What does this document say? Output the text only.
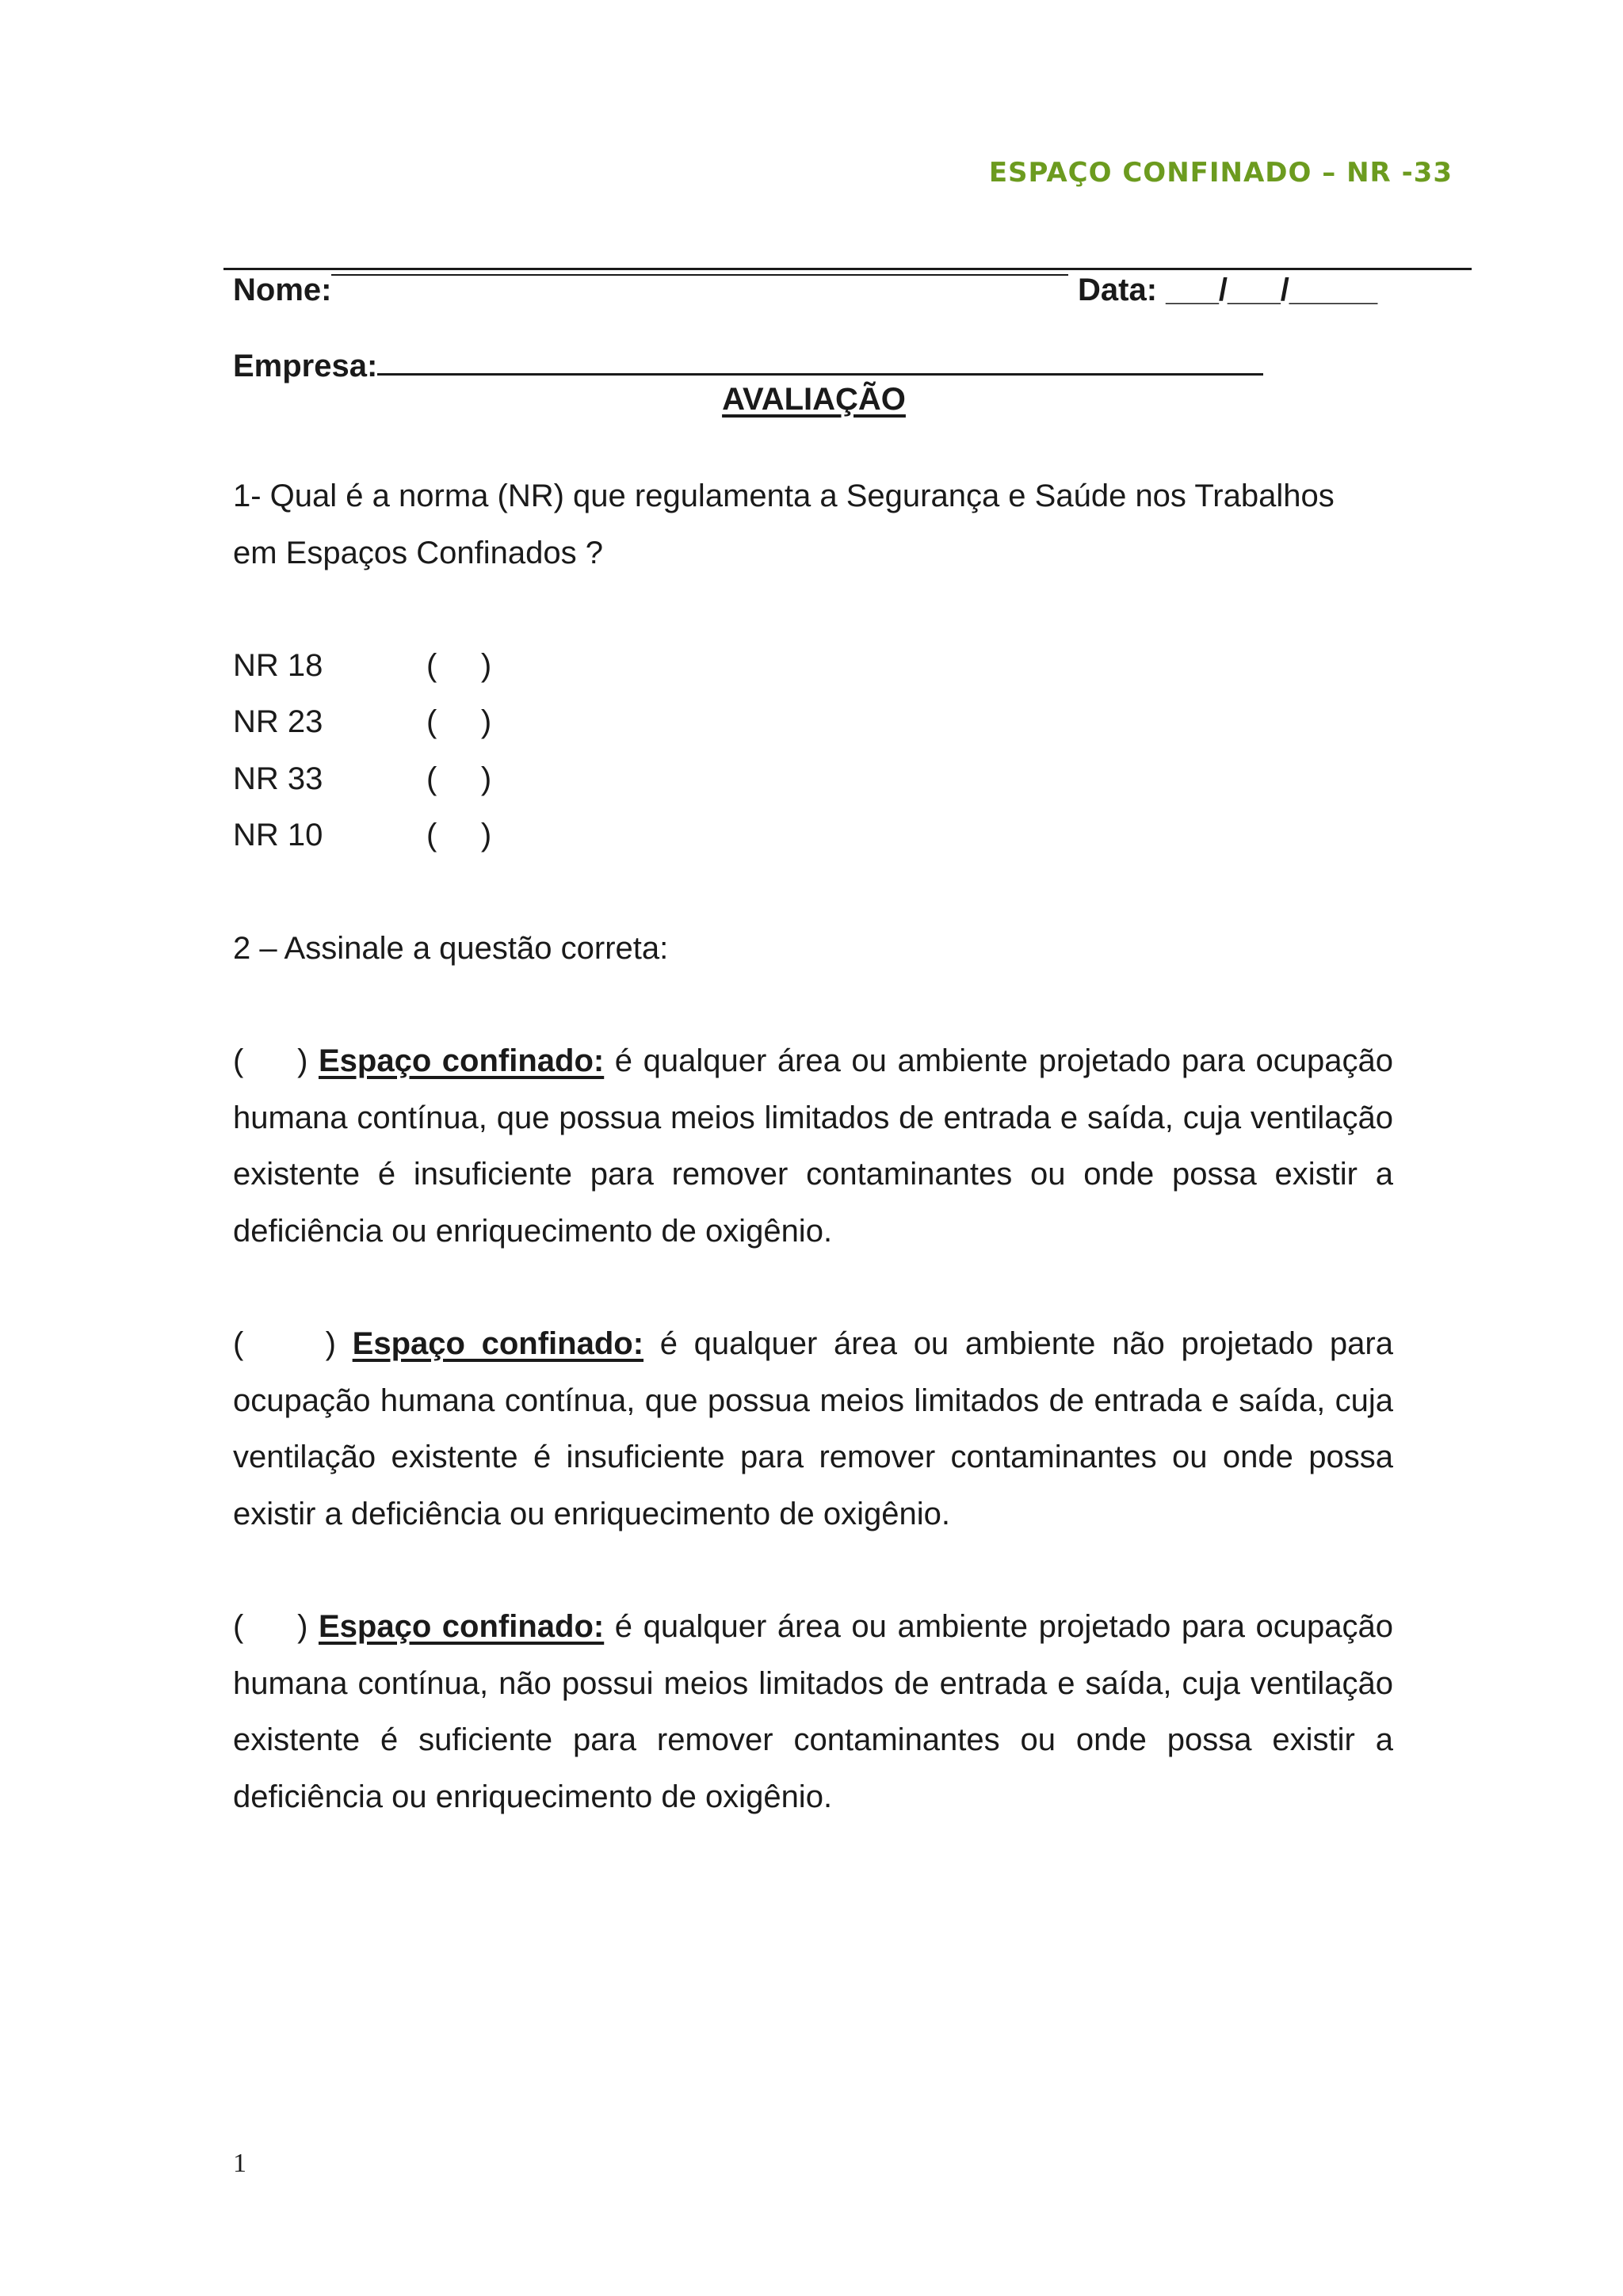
ESPAÇO CONFINADO – NR -33
Nome:	Data: ___/___/_____
Empresa:
AVALIAÇÃO
1- Qual é a norma (NR) que regulamenta a Segurança e Saúde nos Trabalhos
em Espaços Confinados ?
NR 18	(     )
NR 23	(     )
NR 33	(     )
NR 10	(     )
2 – Assinale a questão correta:
(     ) Espaço confinado: é qualquer área ou ambiente projetado para ocupação humana contínua, que possua meios limitados de entrada e saída, cuja ventilação existente é insuficiente para remover contaminantes ou onde possa existir a deficiência ou enriquecimento de oxigênio.
(     ) Espaço confinado: é qualquer área ou ambiente não projetado para ocupação humana contínua, que possua meios limitados de entrada e saída, cuja ventilação existente é insuficiente para remover contaminantes ou onde possa existir a deficiência ou enriquecimento de oxigênio.
(     ) Espaço confinado: é qualquer área ou ambiente projetado para ocupação humana contínua, não possui meios limitados de entrada e saída, cuja ventilação existente é suficiente para remover contaminantes ou onde possa existir a deficiência ou enriquecimento de oxigênio.
1
